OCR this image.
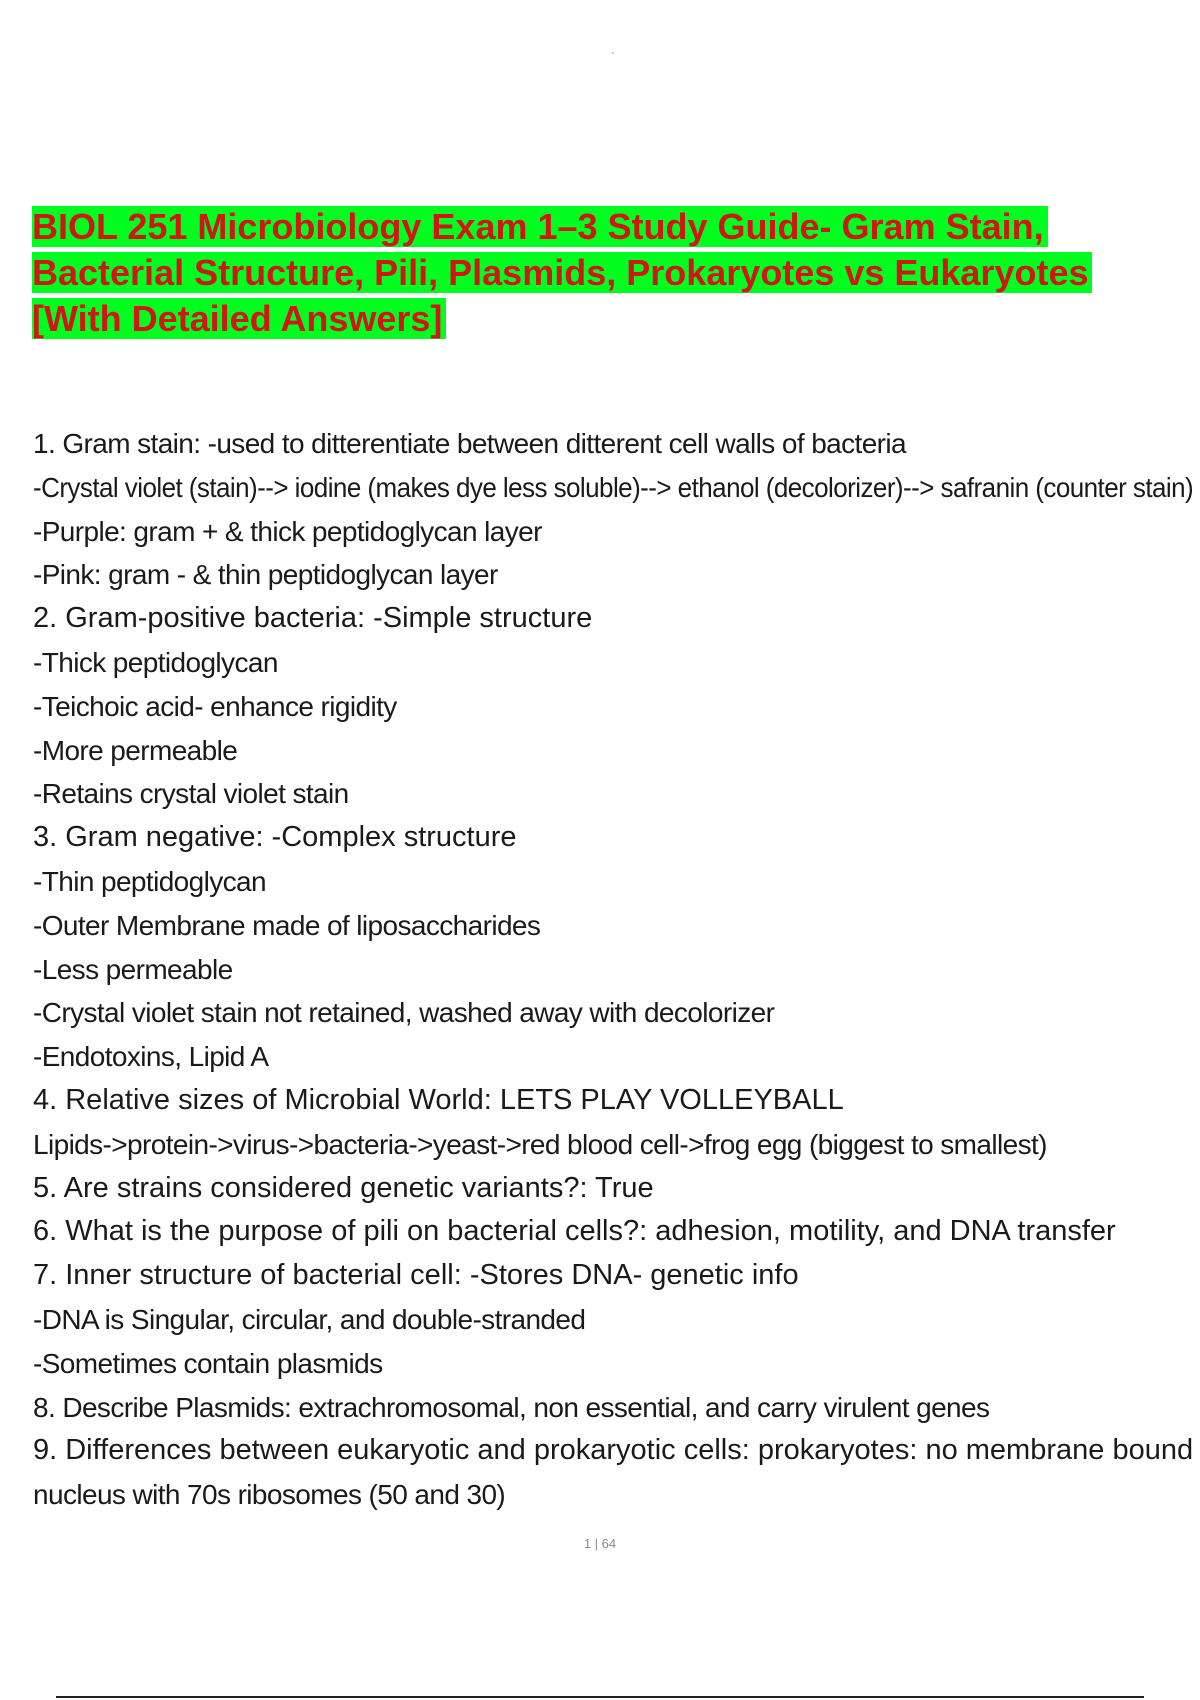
BIOL 251 Microbiology Exam 1–3 Study Guide- Gram Stain,
Bacterial Structure, Pili, Plasmids, Prokaryotes vs Eukaryotes
[With Detailed Answers]
1. Gram stain: -used to ditterentiate between ditterent cell walls of bacteria
-Crystal violet (stain)--> iodine (makes dye less soluble)--> ethanol (decolorizer)--> safranin (counter stain)
-Purple: gram + & thick peptidoglycan layer
-Pink: gram - & thin peptidoglycan layer
2. Gram-positive bacteria: -Simple structure
-Thick peptidoglycan
-Teichoic acid- enhance rigidity
-More permeable
-Retains crystal violet stain
3. Gram negative: -Complex structure
-Thin peptidoglycan
-Outer Membrane made of liposaccharides
-Less permeable
-Crystal violet stain not retained, washed away with decolorizer
-Endotoxins, Lipid A
4. Relative sizes of Microbial World: LETS PLAY VOLLEYBALL
Lipids->protein->virus->bacteria->yeast->red blood cell->frog egg (biggest to smallest)
5. Are strains considered genetic variants?: True
6. What is the purpose of pili on bacterial cells?: adhesion, motility, and DNA transfer
7. Inner structure of bacterial cell: -Stores DNA- genetic info
-DNA is Singular, circular, and double-stranded
-Sometimes contain plasmids
8. Describe Plasmids: extrachromosomal, non essential, and carry virulent genes
9. Differences between eukaryotic and prokaryotic cells: prokaryotes: no membrane bound
nucleus with 70s ribosomes (50 and 30)
1 | 64
